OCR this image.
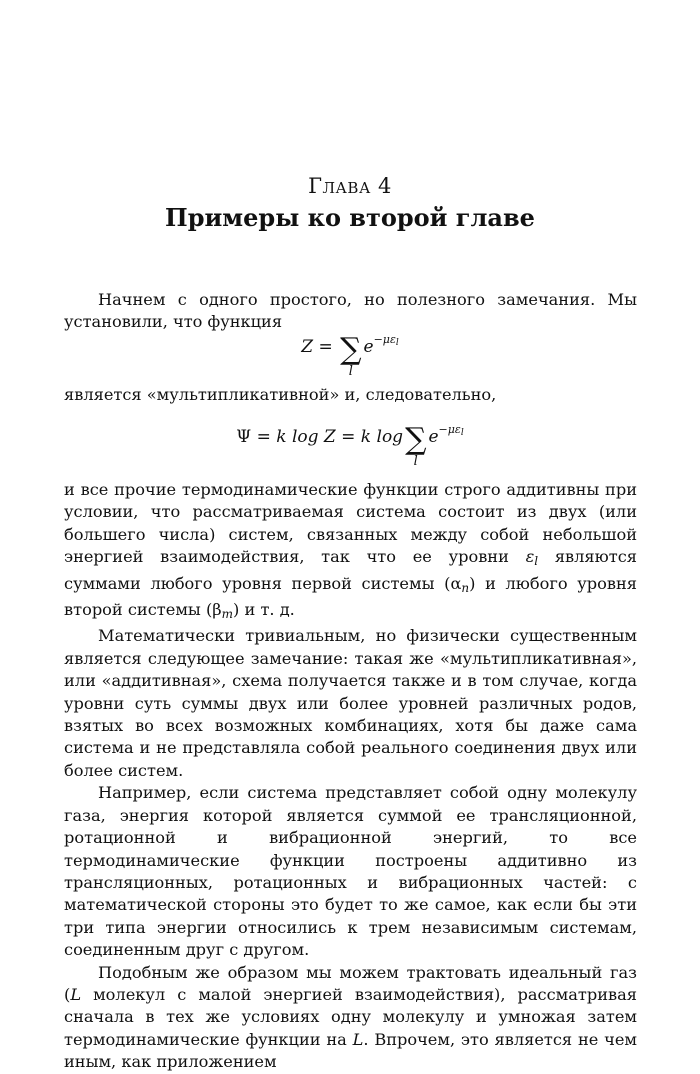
Глава 4
Примеры ко второй главе

Начнем с одного простого, но полезного замечания. Мы установили, что функция

Z = ∑
l
$e^{-\mu\varepsilon l}$

является «мультипликативной» и, следовательно,

Ψ = k log Z = k log∑
l
$e^{-\mu\varepsilon l}$

и все прочие термодинамические функции строго аддитивны при условии, что рассматриваемая система состоит из двух (или большего числа) систем, связанных между собой небольшой энергией взаимодействия, так что ее уровни εl являются суммами любого уровня первой системы (αn) и любого уровня второй системы (βm) и т. д.

Математически тривиальным, но физически существенным является следующее замечание: такая же «мультипликативная», или «аддитивная», схема получается также и в том случае, когда уровни суть суммы двух или более уровней различных родов, взятых во всех возможных комбинациях, хотя бы даже сама система и не представляла собой реального соединения двух или более систем.

Например, если система представляет собой одну молекулу газа, энергия которой является суммой ее трансляционной, ротационной и вибрационной энергий, то все термодинамические функции построены аддитивно из трансляционных, ротационных и вибрационных частей: с математической стороны это будет то же самое, как если бы эти три типа энергии относились к трем независимым системам, соединенным друг с другом.

Подобным же образом мы можем трактовать идеальный газ (L молекул с малой энергией взаимодействия), рассматривая сначала в тех же условиях одну молекулу и умножая затем термодинамические функции на L. Впрочем, это является не чем иным, как приложением
